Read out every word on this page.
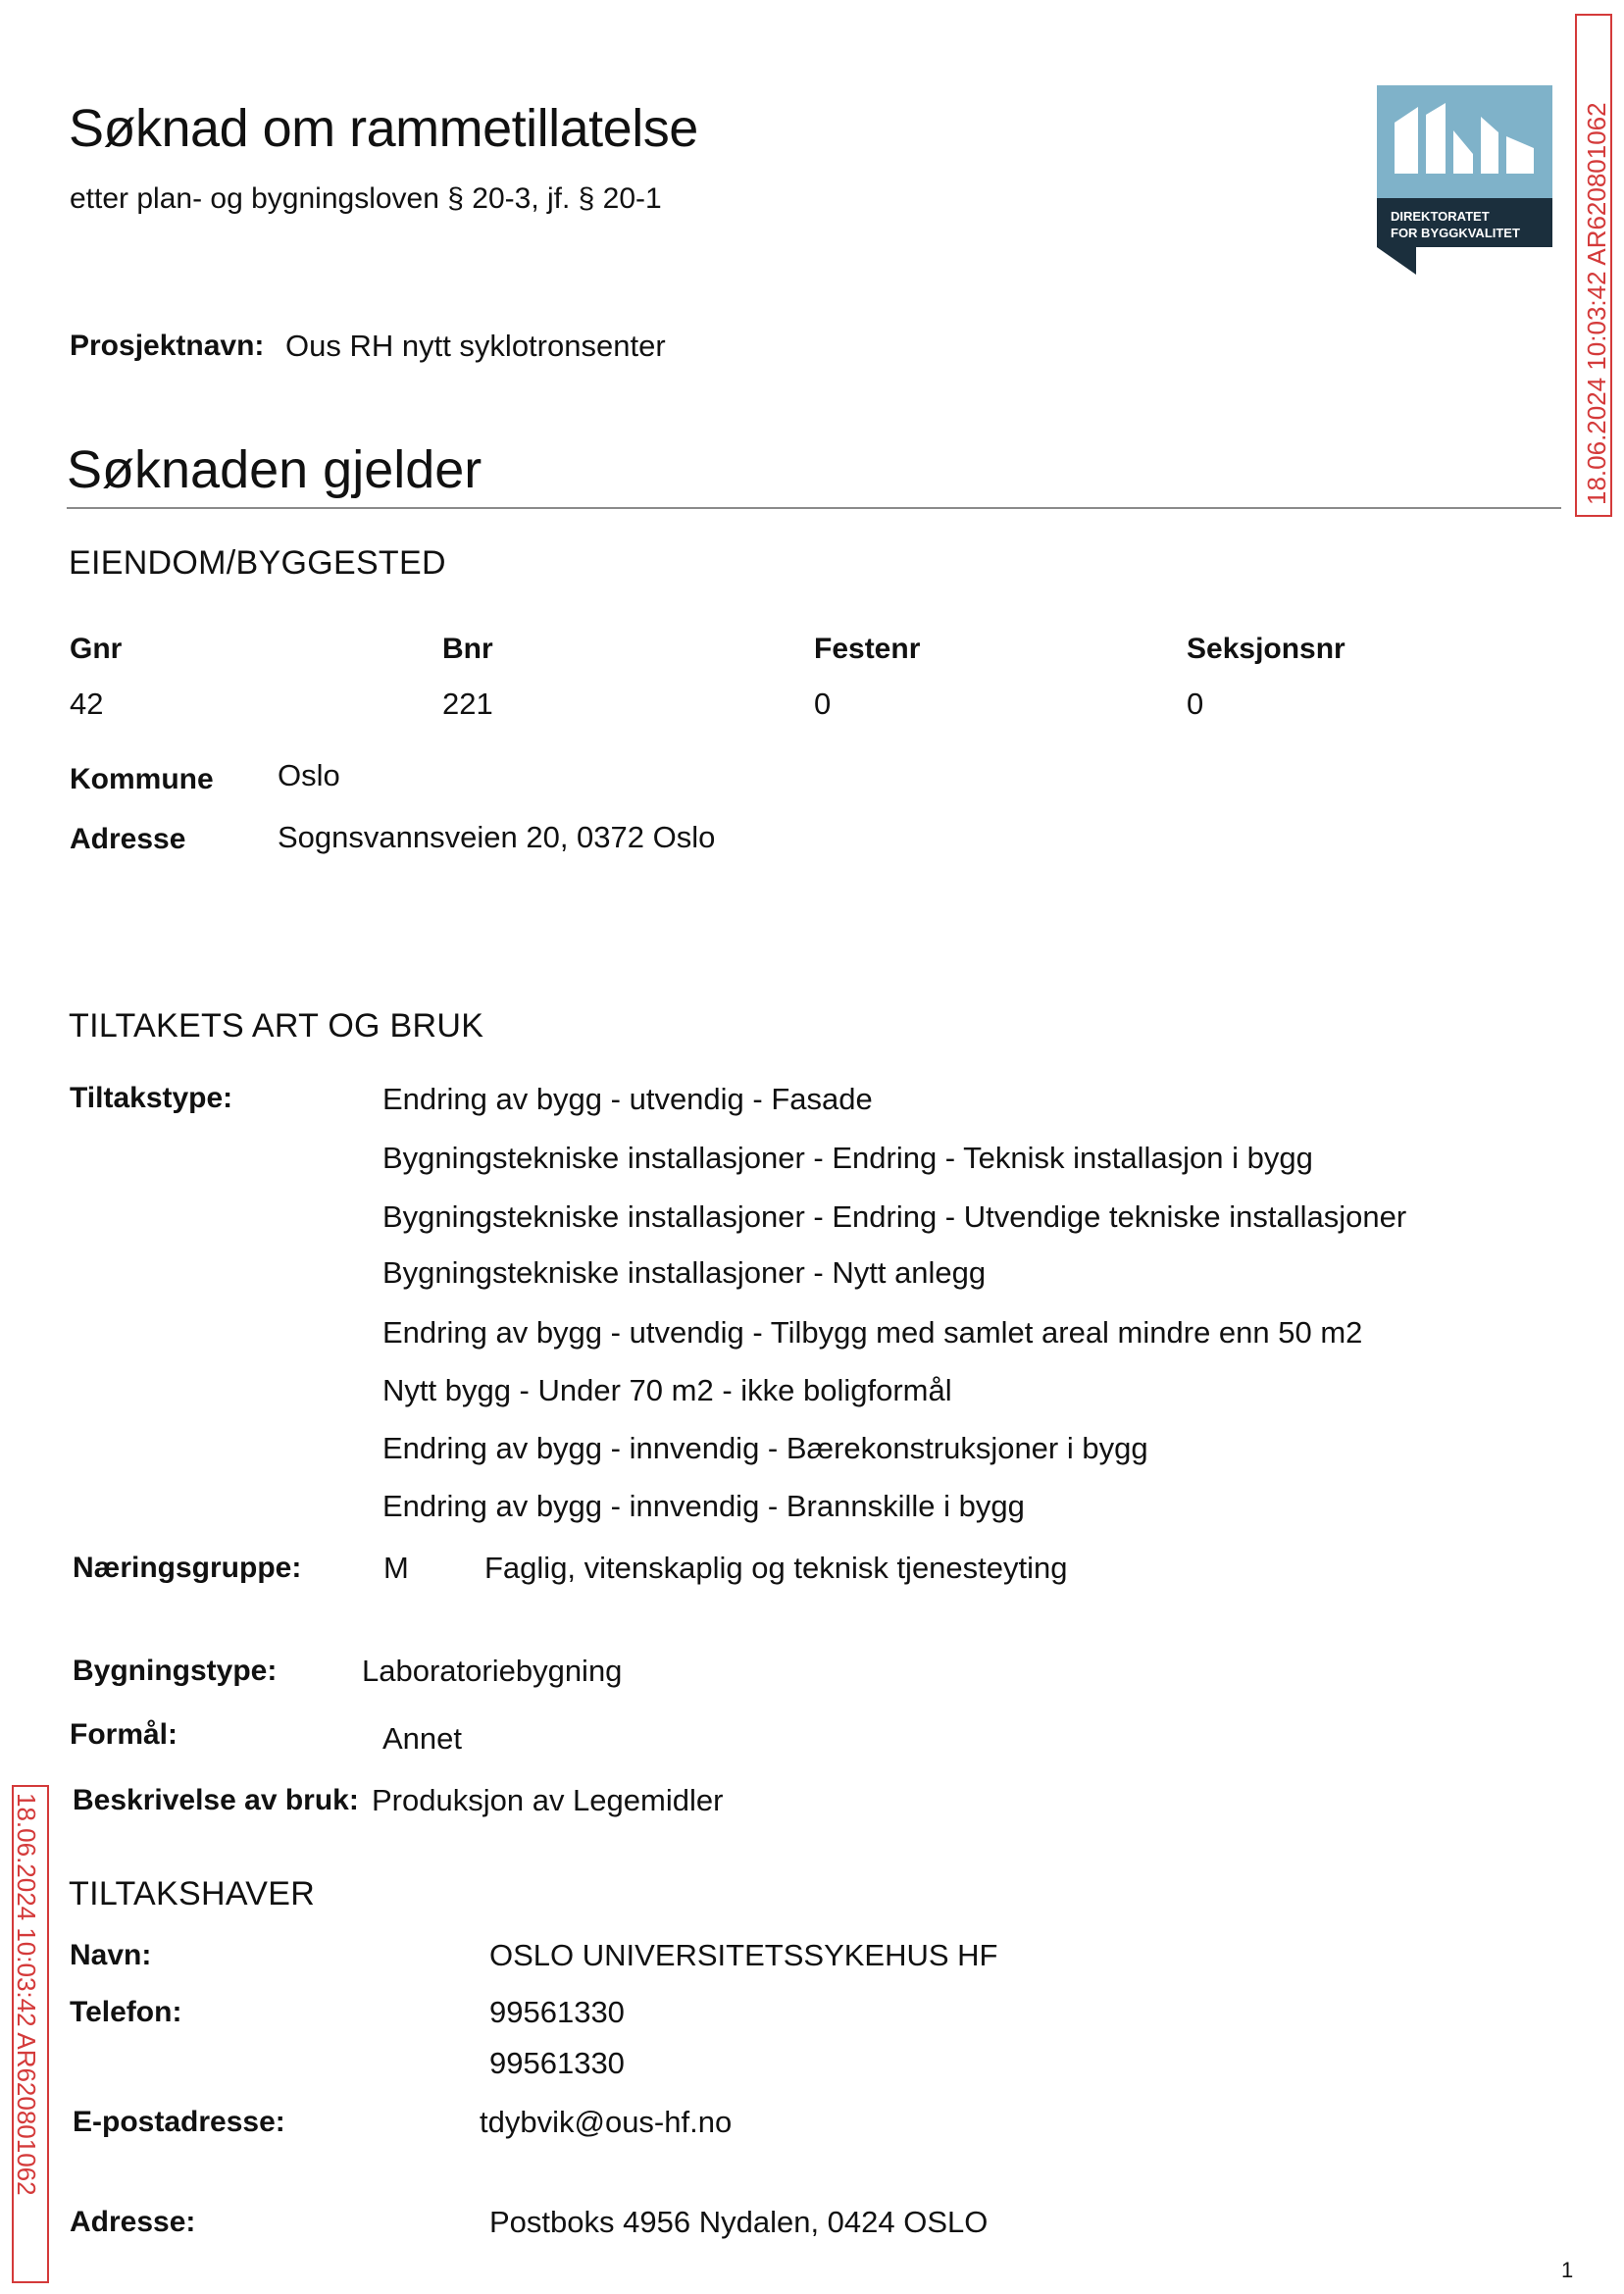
Søknad om rammetillatelse
etter plan- og bygningsloven § 20-3, jf. § 20-1
DIREKTORATET
FOR BYGGKVALITET 18.06.2024 10:03:42 AR620801062
18.06.2024 10:03:42 AR620801062
Prosjektnavn: Ous RH nytt syklotronsenter
Søknaden gjelder
EIENDOM/BYGGESTED
Gnr	Bnr	Festenr	Seksjonsnr
42	221	0	0
Kommune Oslo
Adresse	Sognsvannsveien 20, 0372 Oslo
TILTAKETS ART OG BRUK
Tiltakstype:	Endring av bygg - utvendig - Fasade
Bygningstekniske installasjoner - Endring - Teknisk installasjon i bygg
Bygningstekniske installasjoner - Endring - Utvendige tekniske installasjoner
Bygningstekniske installasjoner - Nytt anlegg
Endring av bygg - utvendig - Tilbygg med samlet areal mindre enn 50 m2
Nytt bygg - Under 70 m2 - ikke boligformål
Endring av bygg - innvendig - Bærekonstruksjoner i bygg
Endring av bygg - innvendig - Brannskille i bygg
Næringsgruppe:	M Faglig, vitenskaplig og teknisk tjenesteyting
Bygningstype:	Laboratoriebygning
Formål:	Annet
Beskrivelse av bruk: Produksjon av Legemidler
TILTAKSHAVER
Navn:	OSLO UNIVERSITETSSYKEHUS HF
Telefon:	99561330
99561330
E-postadresse:	tdybvik@ous-hf.no
Adresse:	Postboks 4956 Nydalen, 0424 OSLO
1
